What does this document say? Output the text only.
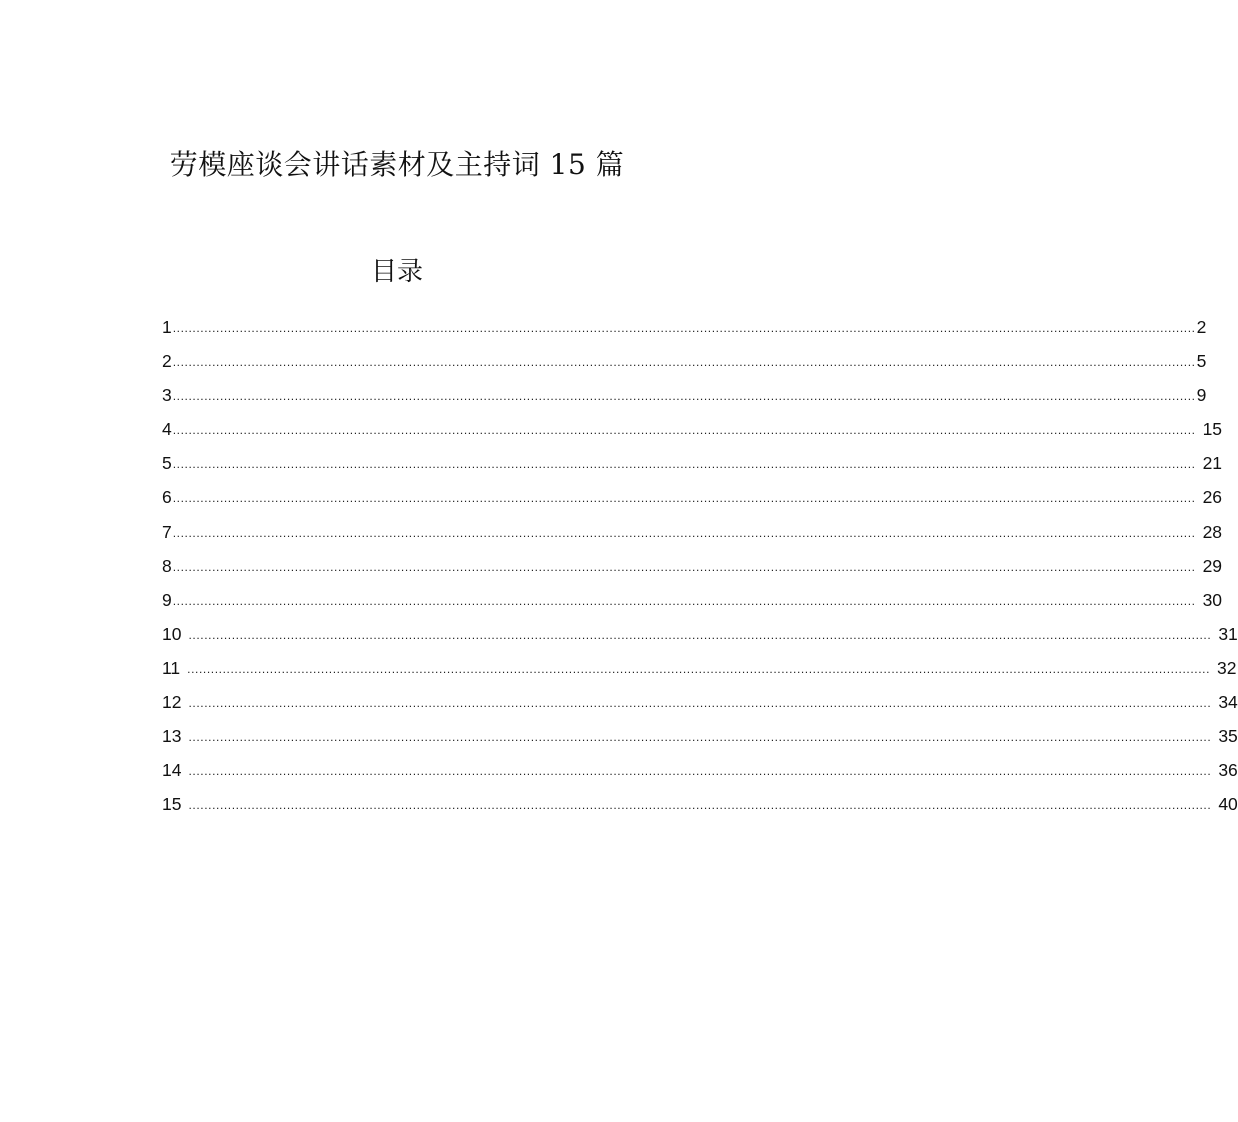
劳模座谈会讲话素材及主持词 15 篇
目录
1 .................................................................................................................................................................................................................................................................... 2
2 .................................................................................................................................................................................................................................................................... 5
3 .................................................................................................................................................................................................................................................................... 9
4 .................................................................................................................................................................................................................................................................... 15
5 .................................................................................................................................................................................................................................................................... 21
6 .................................................................................................................................................................................................................................................................... 26
7 .................................................................................................................................................................................................................................................................... 28
8 .................................................................................................................................................................................................................................................................... 29
9 .................................................................................................................................................................................................................................................................... 30
10 .................................................................................................................................................................................................................................................................... 31
11 .................................................................................................................................................................................................................................................................... 32
12 .................................................................................................................................................................................................................................................................... 34
13 .................................................................................................................................................................................................................................................................... 35
14 .................................................................................................................................................................................................................................................................... 36
15 .................................................................................................................................................................................................................................................................... 40
